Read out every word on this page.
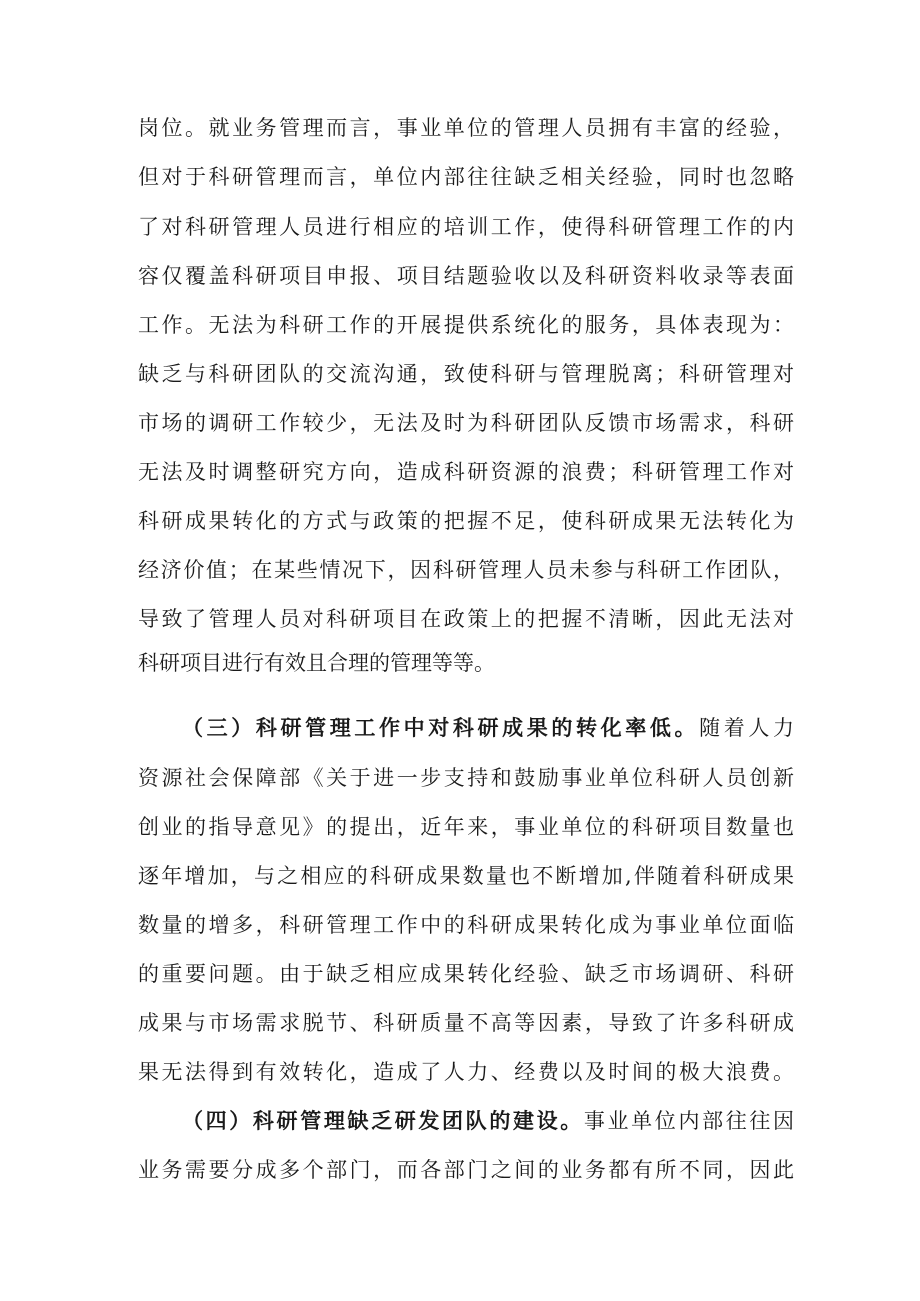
岗位。就业务管理而言，事业单位的管理人员拥有丰富的经验，
但对于科研管理而言，单位内部往往缺乏相关经验，同时也忽略
了对科研管理人员进行相应的培训工作，使得科研管理工作的内
容仅覆盖科研项目申报、项目结题验收以及科研资料收录等表面
工作。无法为科研工作的开展提供系统化的服务，具体表现为：
缺乏与科研团队的交流沟通，致使科研与管理脱离；科研管理对
市场的调研工作较少，无法及时为科研团队反馈市场需求，科研
无法及时调整研究方向，造成科研资源的浪费；科研管理工作对
科研成果转化的方式与政策的把握不足，使科研成果无法转化为
经济价值；在某些情况下，因科研管理人员未参与科研工作团队，
导致了管理人员对科研项目在政策上的把握不清晰，因此无法对
科研项目进行有效且合理的管理等等。
（三）科研管理工作中对科研成果的转化率低。随着人力
资源社会保障部《关于进一步支持和鼓励事业单位科研人员创新
创业的指导意见》的提出，近年来，事业单位的科研项目数量也
逐年增加，与之相应的科研成果数量也不断增加,伴随着科研成果
数量的增多，科研管理工作中的科研成果转化成为事业单位面临
的重要问题。由于缺乏相应成果转化经验、缺乏市场调研、科研
成果与市场需求脱节、科研质量不高等因素，导致了许多科研成
果无法得到有效转化，造成了人力、经费以及时间的极大浪费。
（四）科研管理缺乏研发团队的建设。事业单位内部往往因
业务需要分成多个部门，而各部门之间的业务都有所不同，因此
